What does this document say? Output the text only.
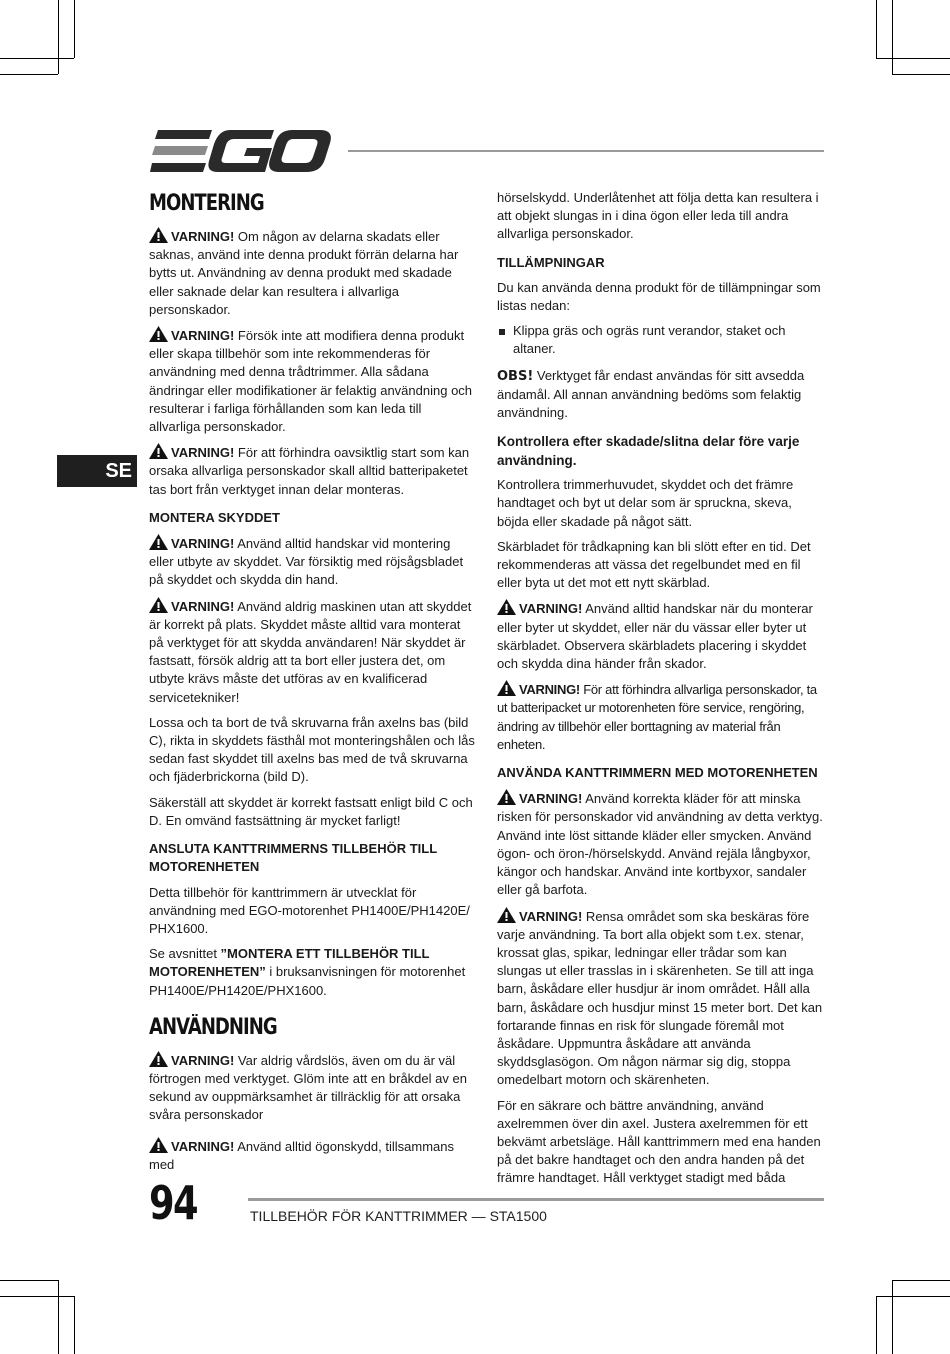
MONTERING

VARNING! Om någon av delarna skadats eller saknas, använd inte denna produkt förrän delarna har bytts ut. Användning av denna produkt med skadade eller saknade delar kan resultera i allvarliga personskador.

VARNING! Försök inte att modifiera denna produkt eller skapa tillbehör som inte rekommenderas för användning med denna trådtrimmer. Alla sådana ändringar eller modifikationer är felaktig användning och resulterar i farliga förhållanden som kan leda till allvarliga personskador.

VARNING! För att förhindra oavsiktlig start som kan orsaka allvarliga personskador skall alltid batteripaketet tas bort från verktyget innan delar monteras.

MONTERA SKYDDET

VARNING! Använd alltid handskar vid montering eller utbyte av skyddet. Var försiktig med röjsågsbladet på skyddet och skydda din hand.

VARNING! Använd aldrig maskinen utan att skyddet är korrekt på plats. Skyddet måste alltid vara monterat på verktyget för att skydda användaren! När skyddet är fastsatt, försök aldrig att ta bort eller justera det, om utbyte krävs måste det utföras av en kvalificerad servicetekniker!

Lossa och ta bort de två skruvarna från axelns bas (bild C), rikta in skyddets fästhål mot monteringshålen och lås sedan fast skyddet till axelns bas med de två skruvarna och fjäderbrickorna (bild D).

Säkerställ att skyddet är korrekt fastsatt enligt bild C och D. En omvänd fastsättning är mycket farligt!

ANSLUTA KANTTRIMMERNS TILLBEHÖR TILL MOTORENHETEN

Detta tillbehör för kanttrimmern är utvecklat för användning med EGO-motorenhet PH1400E/PH1420E/ PHX1600.

Se avsnittet ”MONTERA ETT TILLBEHÖR TILL MOTORENHETEN” i bruksanvisningen för motorenhet PH1400E/PH1420E/PHX1600.

ANVÄNDNING

VARNING! Var aldrig vårdslös, även om du är väl förtrogen med verktyget. Glöm inte att en bråkdel av en sekund av ouppmärksamhet är tillräcklig för att orsaka svåra personskador

VARNING! Använd alltid ögonskydd, tillsammans med

hörselskydd. Underlåtenhet att följa detta kan resultera i att objekt slungas in i dina ögon eller leda till andra allvarliga personskador.

TILLÄMPNINGAR

Du kan använda denna produkt för de tillämpningar som listas nedan:

Klippa gräs och ogräs runt verandor, staket och altaner.

OBS! Verktyget får endast användas för sitt avsedda ändamål. All annan användning bedöms som felaktig användning.

Kontrollera efter skadade/slitna delar före varje användning.

Kontrollera trimmerhuvudet, skyddet och det främre handtaget och byt ut delar som är spruckna, skeva, böjda eller skadade på något sätt.

Skärbladet för trådkapning kan bli slött efter en tid. Det rekommenderas att vässa det regelbundet med en fil eller byta ut det mot ett nytt skärblad.

VARNING! Använd alltid handskar när du monterar eller byter ut skyddet, eller när du vässar eller byter ut skärbladet. Observera skärbladets placering i skyddet och skydda dina händer från skador.

VARNING! För att förhindra allvarliga personskador, ta ut batteripacket ur motorenheten före service, rengöring, ändring av tillbehör eller borttagning av material från enheten.

ANVÄNDA KANTTRIMMERN MED MOTORENHETEN

VARNING! Använd korrekta kläder för att minska risken för personskador vid användning av detta verktyg. Använd inte löst sittande kläder eller smycken. Använd ögon- och öron-/hörselskydd. Använd rejäla långbyxor, kängor och handskar. Använd inte kortbyxor, sandaler eller gå barfota.

VARNING! Rensa området som ska beskäras före varje användning. Ta bort alla objekt som t.ex. stenar, krossat glas, spikar, ledningar eller trådar som kan slungas ut eller trasslas in i skärenheten. Se till att inga barn, åskådare eller husdjur är inom området. Håll alla barn, åskådare och husdjur minst 15 meter bort. Det kan fortarande finnas en risk för slungade föremål mot åskådare. Uppmuntra åskådare att använda skyddsglasögon. Om någon närmar sig dig, stoppa omedelbart motorn och skärenheten.

För en säkrare och bättre användning, använd axelremmen över din axel. Justera axelremmen för ett bekvämt arbetsläge. Håll kanttrimmern med ena handen på det bakre handtaget och den andra handen på det främre handtaget. Håll verktyget stadigt med båda

SE
94	TILLBEHÖR FÖR KANTTRIMMER — STA1500
